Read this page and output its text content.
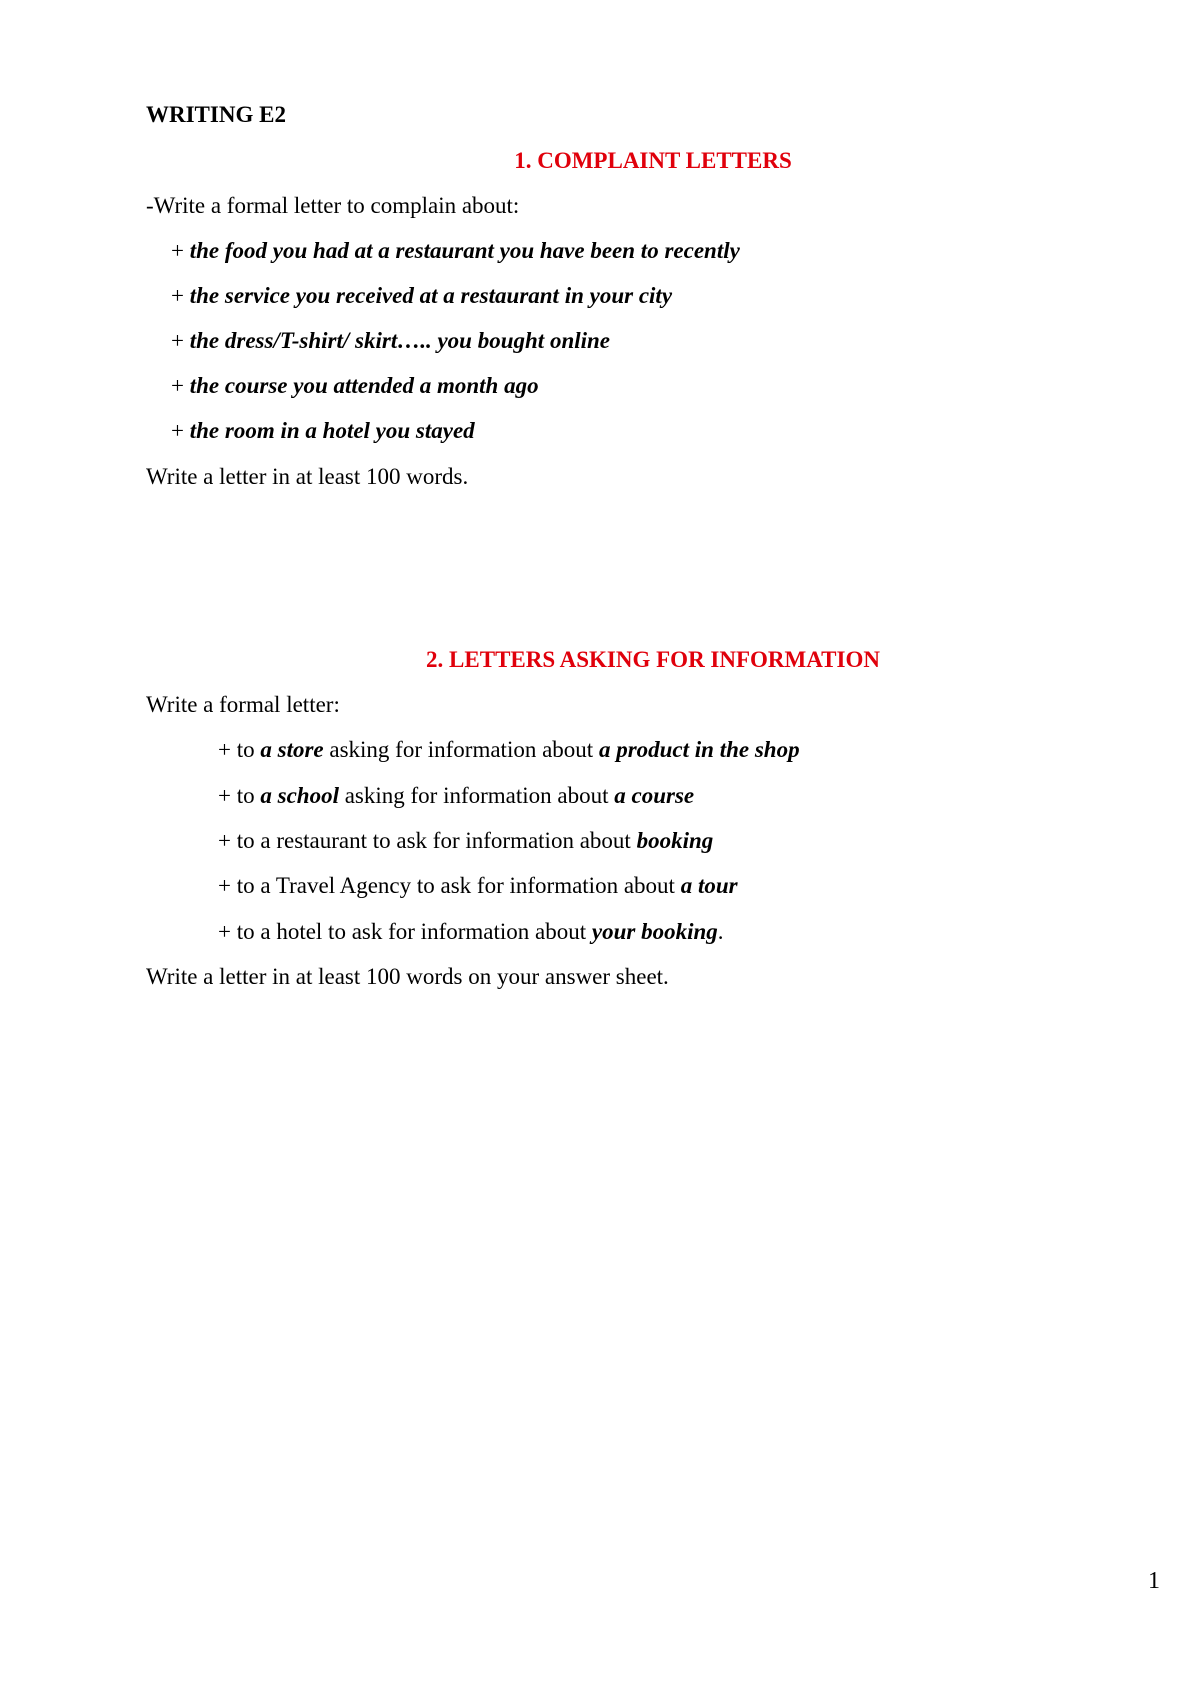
WRITING E2
1. COMPLAINT LETTERS
-Write a formal letter to complain about:
+ the food you had at a restaurant you have been to recently
+ the service you received at a restaurant in your city
+ the dress/T-shirt/ skirt….. you bought online
+ the course you attended a month ago
+ the room in a hotel you stayed
Write a letter in at least 100 words.
2. LETTERS ASKING FOR INFORMATION
Write a formal letter:
+ to a store asking for information about a product in the shop
+ to a school asking for information about a course
+ to a restaurant to ask for information about booking
+ to a Travel Agency to ask for information about a tour
+ to a hotel to ask for information about your booking.
Write a letter in at least 100 words on your answer sheet.
1
